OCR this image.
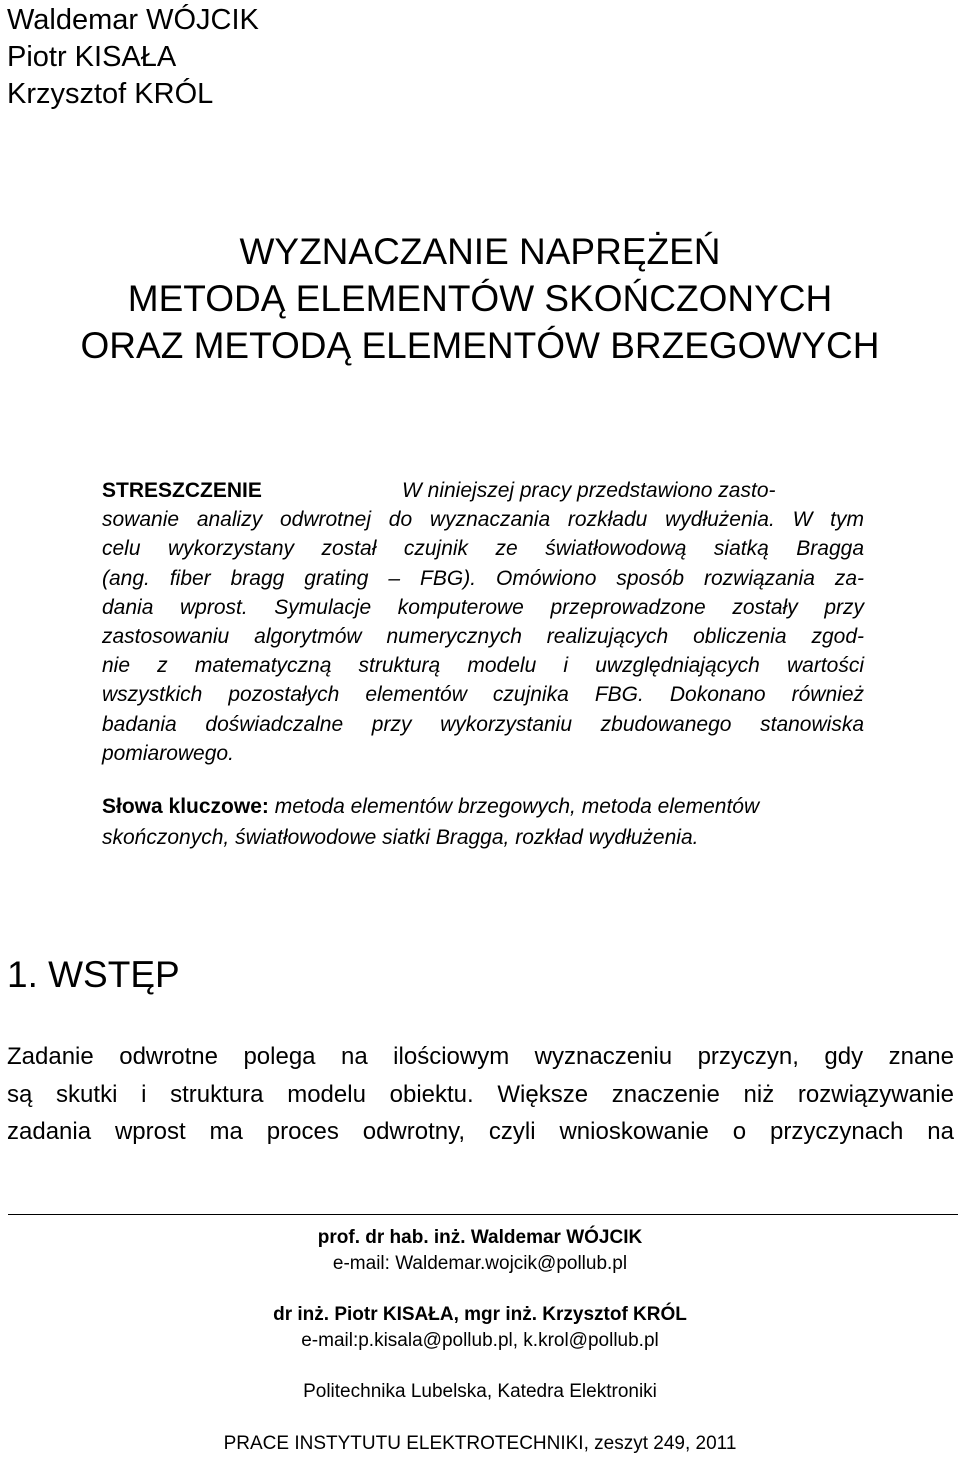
Waldemar WÓJCIK
Piotr KISAŁA
Krzysztof KRÓL
WYZNACZANIE NAPRĘŻEŃ
METODĄ ELEMENTÓW SKOŃCZONYCH
ORAZ METODĄ ELEMENTÓW BRZEGOWYCH
STRESZCZENIE	W niniejszej pracy przedstawiono zasto-
sowanie analizy odwrotnej do wyznaczania rozkładu wydłużenia. W tym
celu wykorzystany został czujnik ze światłowodową siatką Bragga
(ang. fiber bragg grating – FBG). Omówiono sposób rozwiązania za-
dania wprost. Symulacje komputerowe przeprowadzone zostały przy
zastosowaniu algorytmów numerycznych realizujących obliczenia zgod-
nie z matematyczną strukturą modelu i uwzględniających wartości
wszystkich pozostałych elementów czujnika FBG. Dokonano również
badania doświadczalne przy wykorzystaniu zbudowanego stanowiska
pomiarowego.
Słowa kluczowe: metoda elementów brzegowych, metoda elementów
skończonych, światłowodowe siatki Bragga, rozkład wydłużenia.
1. WSTĘP
Zadanie odwrotne polega na ilościowym wyznaczeniu przyczyn, gdy znane
są skutki i struktura modelu obiektu. Większe znaczenie niż rozwiązywanie
zadania wprost ma proces odwrotny, czyli wnioskowanie o przyczynach na
prof. dr hab. inż. Waldemar WÓJCIK
e-mail: Waldemar.wojcik@pollub.pl
dr inż. Piotr KISAŁA, mgr inż. Krzysztof KRÓL
e-mail:p.kisala@pollub.pl, k.krol@pollub.pl
Politechnika Lubelska, Katedra Elektroniki
PRACE INSTYTUTU ELEKTROTECHNIKI, zeszyt 249, 2011
